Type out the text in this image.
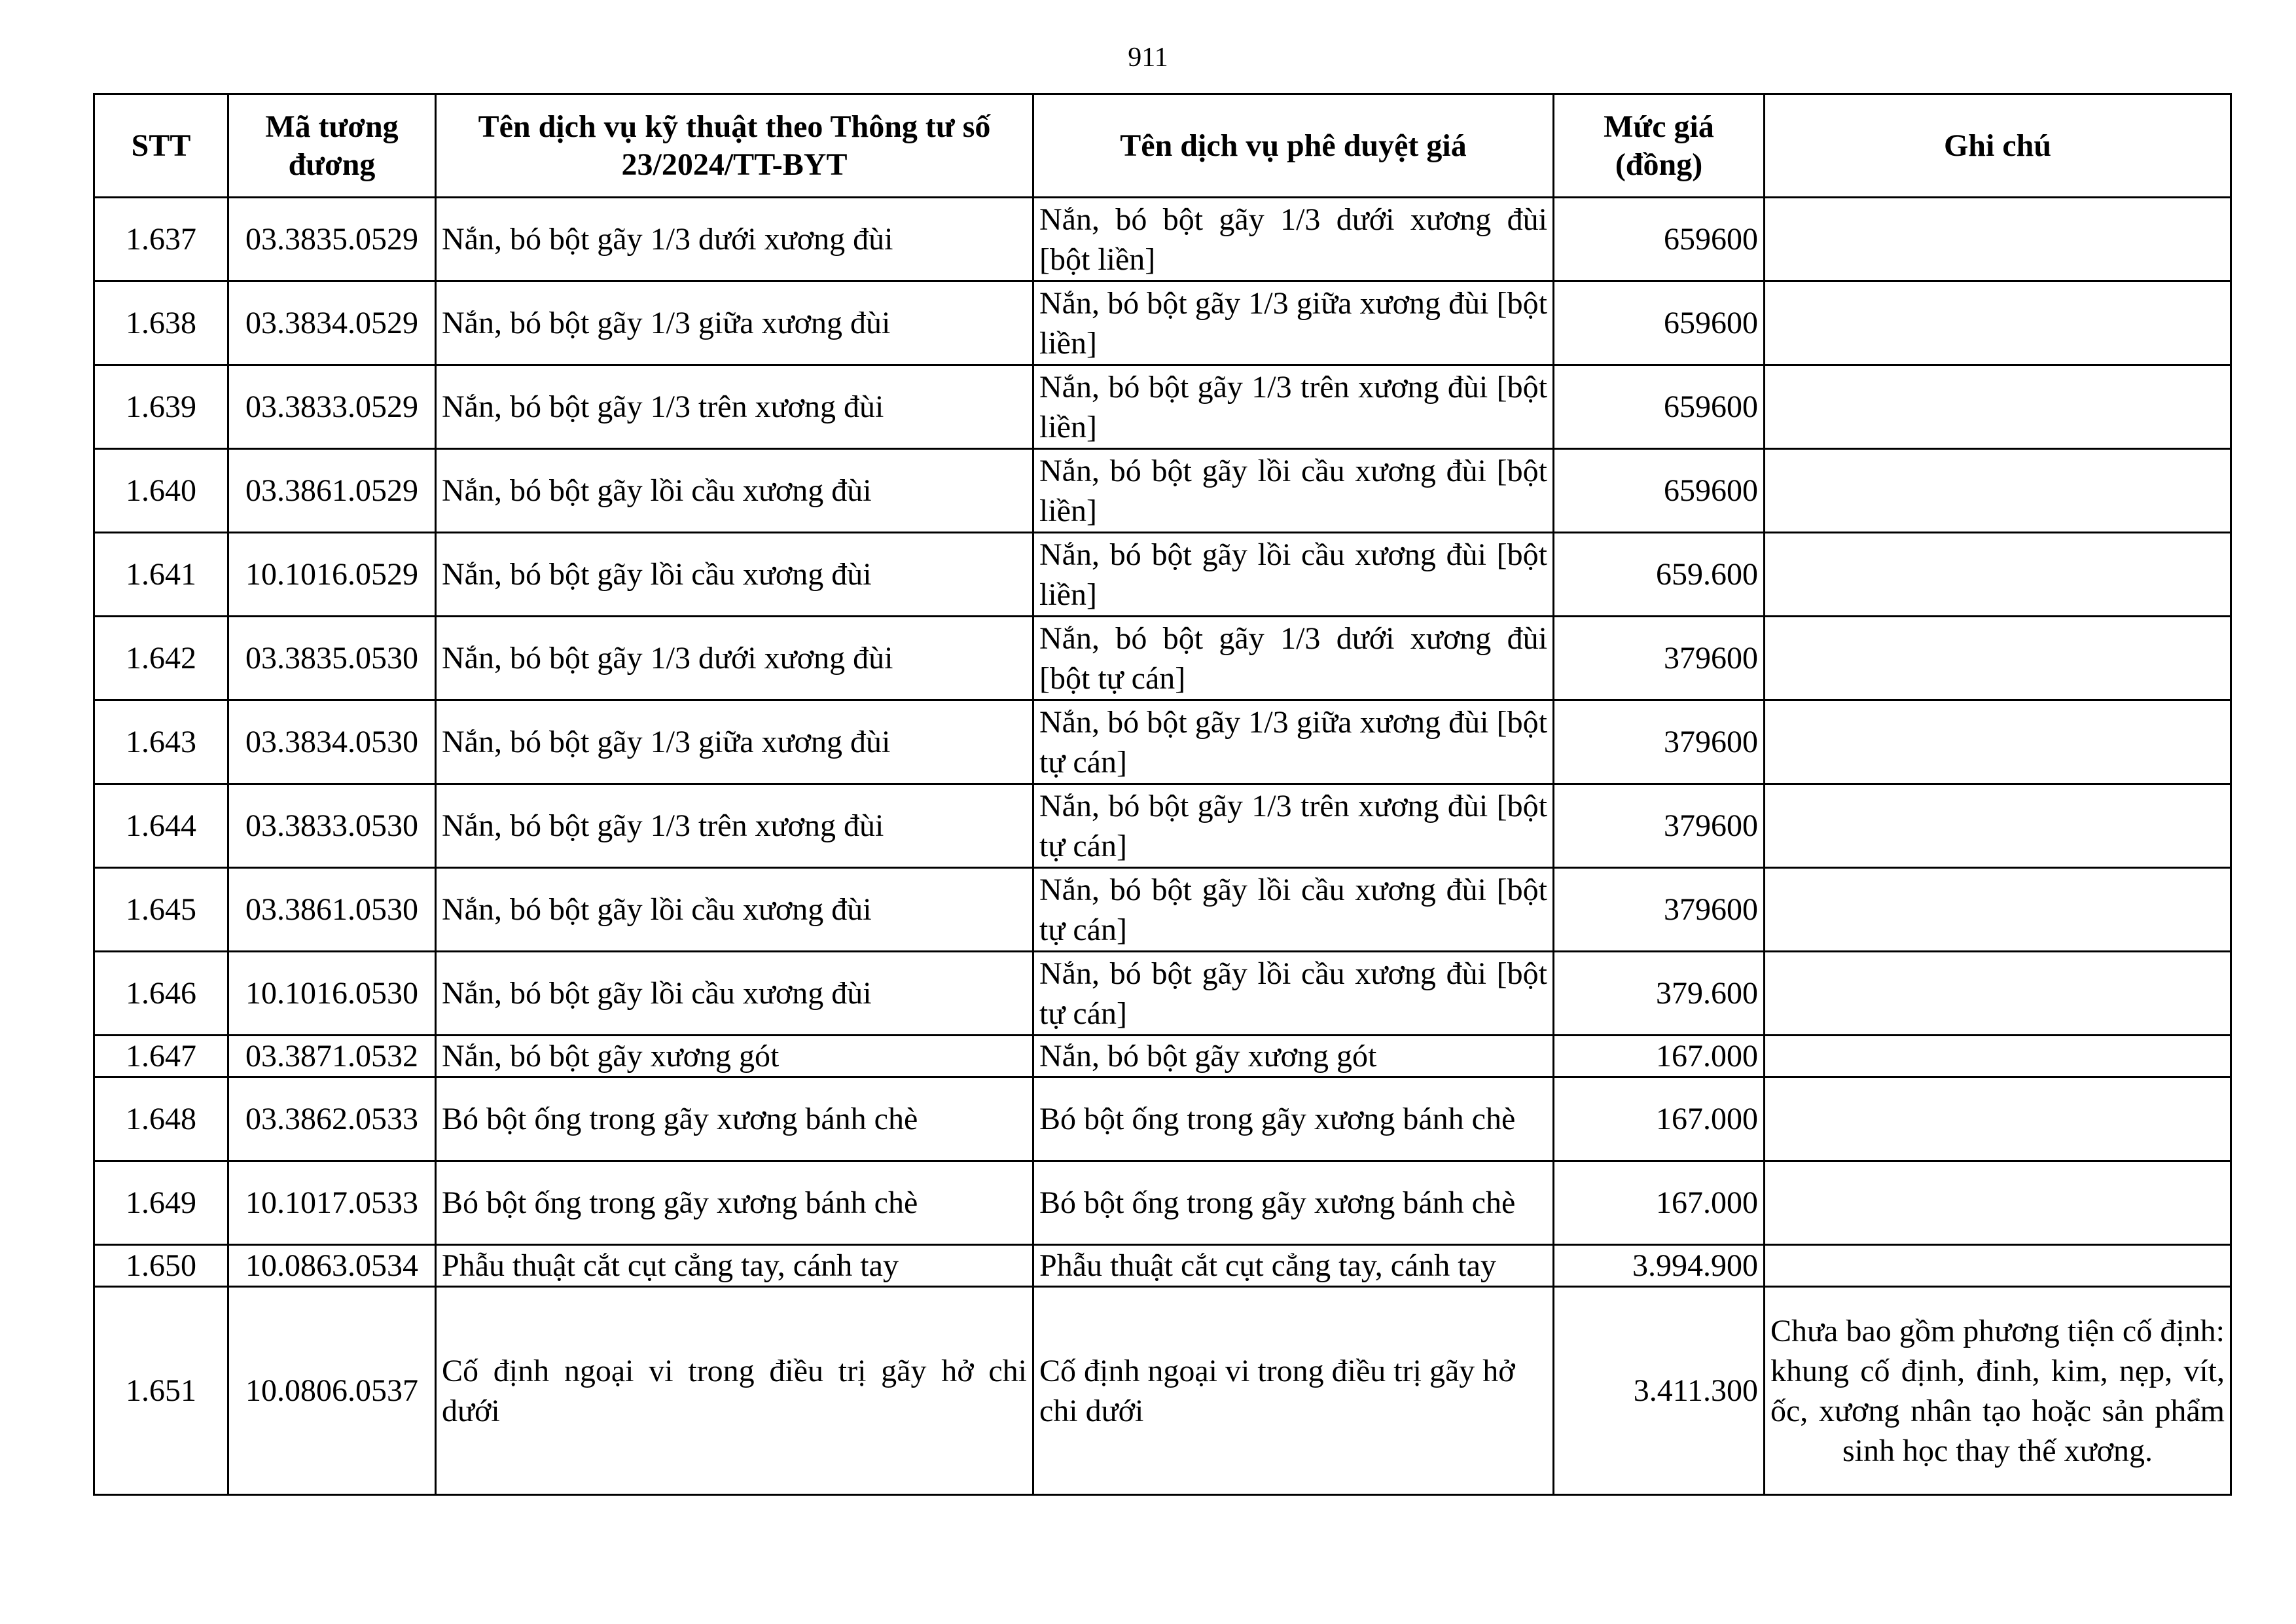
911
STT	Mã tương đương	Tên dịch vụ kỹ thuật theo Thông tư số 23/2024/TT-BYT	Tên dịch vụ phê duyệt giá	Mức giá (đồng)	Ghi chú
1.637	03.3835.0529	Nắn, bó bột gãy 1/3 dưới xương đùi	Nắn, bó bột gãy 1/3 dưới xương đùi [bột liền]	659600	
1.638	03.3834.0529	Nắn, bó bột gãy 1/3 giữa xương đùi	Nắn, bó bột gãy 1/3 giữa xương đùi [bột liền]	659600	
1.639	03.3833.0529	Nắn, bó bột gãy 1/3 trên xương đùi	Nắn, bó bột gãy 1/3 trên xương đùi [bột liền]	659600	
1.640	03.3861.0529	Nắn, bó bột gãy lồi cầu xương đùi	Nắn, bó bột gãy lồi cầu xương đùi [bột liền]	659600	
1.641	10.1016.0529	Nắn, bó bột gãy lồi cầu xương đùi	Nắn, bó bột gãy lồi cầu xương đùi [bột liền]	659.600	
1.642	03.3835.0530	Nắn, bó bột gãy 1/3 dưới xương đùi	Nắn, bó bột gãy 1/3 dưới xương đùi [bột tự cán]	379600	
1.643	03.3834.0530	Nắn, bó bột gãy 1/3 giữa xương đùi	Nắn, bó bột gãy 1/3 giữa xương đùi [bột tự cán]	379600	
1.644	03.3833.0530	Nắn, bó bột gãy 1/3 trên xương đùi	Nắn, bó bột gãy 1/3 trên xương đùi [bột tự cán]	379600	
1.645	03.3861.0530	Nắn, bó bột gãy lồi cầu xương đùi	Nắn, bó bột gãy lồi cầu xương đùi [bột tự cán]	379600	
1.646	10.1016.0530	Nắn, bó bột gãy lồi cầu xương đùi	Nắn, bó bột gãy lồi cầu xương đùi [bột tự cán]	379.600	
1.647	03.3871.0532	Nắn, bó bột gãy xương gót	Nắn, bó bột gãy xương gót	167.000	
1.648	03.3862.0533	Bó bột ống trong gãy xương bánh chè	Bó bột ống trong gãy xương bánh chè	167.000	
1.649	10.1017.0533	Bó bột ống trong gãy xương bánh chè	Bó bột ống trong gãy xương bánh chè	167.000	
1.650	10.0863.0534	Phẫu thuật cắt cụt cẳng tay, cánh tay	Phẫu thuật cắt cụt cẳng tay, cánh tay	3.994.900	
1.651	10.0806.0537	Cố định ngoại vi trong điều trị gãy hở chi dưới	Cố định ngoại vi trong điều trị gãy hở chi dưới	3.411.300	Chưa bao gồm phương tiện cố định: khung cố định, đinh, kim, nẹp, vít, ốc, xương nhân tạo hoặc sản phẩm sinh học thay thế xương.
